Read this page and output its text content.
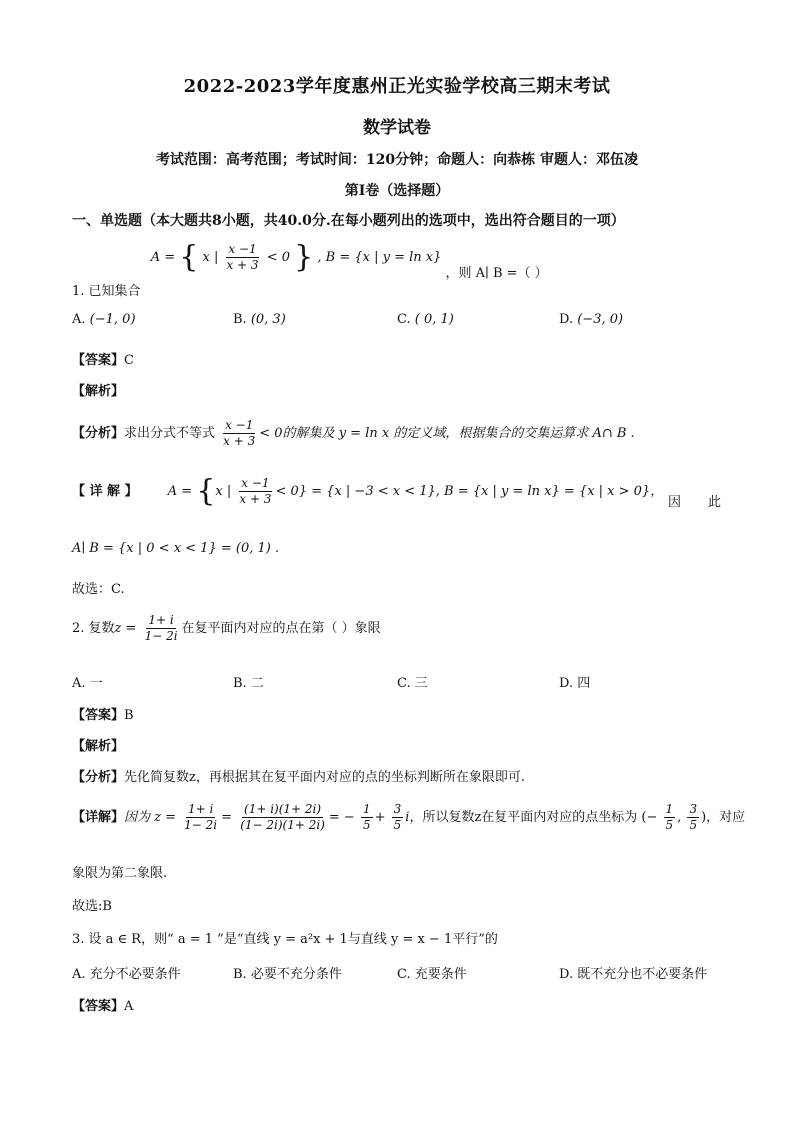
2022-2023学年度惠州正光实验学校高三期末考试
数学试卷
考试范围：高考范围；考试时间：120分钟；命题人：向恭栋 审题人：邓伍凌
第I卷（选择题）
一、单选题（本大题共8小题，共40.0分.在每小题列出的选项中，选出符合题目的一项）
1. 已知集合 A = { x | $\frac{x -1}{x + 3} < 0$ } , B = {x | y = ln x} ，则 A∣ B =（ ）
A. (−1, 0)	B. (0, 3)	C. ( 0, 1)	D. (−3, 0)
【答案】C
【解析】
【分析】求出分式不等式 $\frac{x -1}{x + 3} < 0$的解集及 y = ln x 的定义域，根据集合的交集运算求 A∩ B .
【 详 解 】 A = {x | $\frac{x -1}{x + 3} < 0\} = \{x$ | −3 < x < 1}, B = {x | y = ln x} = {x | x > 0}，
因 此
A∣ B = {x | 0 < x < 1} = (0, 1) .
故选：C.
2. 复数$z = \frac{1+ i}{1- 2i}$ 在复平面内对应的点在第（ ）象限
A. 一	B. 二	C. 三	D. 四
【答案】B
【解析】
【分析】先化简复数z，再根据其在复平面内对应的点的坐标判断所在象限即可.
【详解】因为 $z = \frac{1+ i}{1- 2i} = \frac{(1+ i)(1+ 2i)}{(1- 2i)(1+ 2i)}$ = − $\frac{1}{5} + \frac{3}{5}$ i，所以复数z在复平面内对应的点坐标为 (− $\frac{1}{5}$ , $\frac{3}{5}$ )，对应
象限为第二象限.
故选:B
3. 设 a ∈ R，则“ a = 1 ”是“直线 y = a²x + 1与直线 y = x − 1平行”的
A. 充分不必要条件	B. 必要不充分条件	C. 充要条件	D. 既不充分也不必要条件
【答案】A
